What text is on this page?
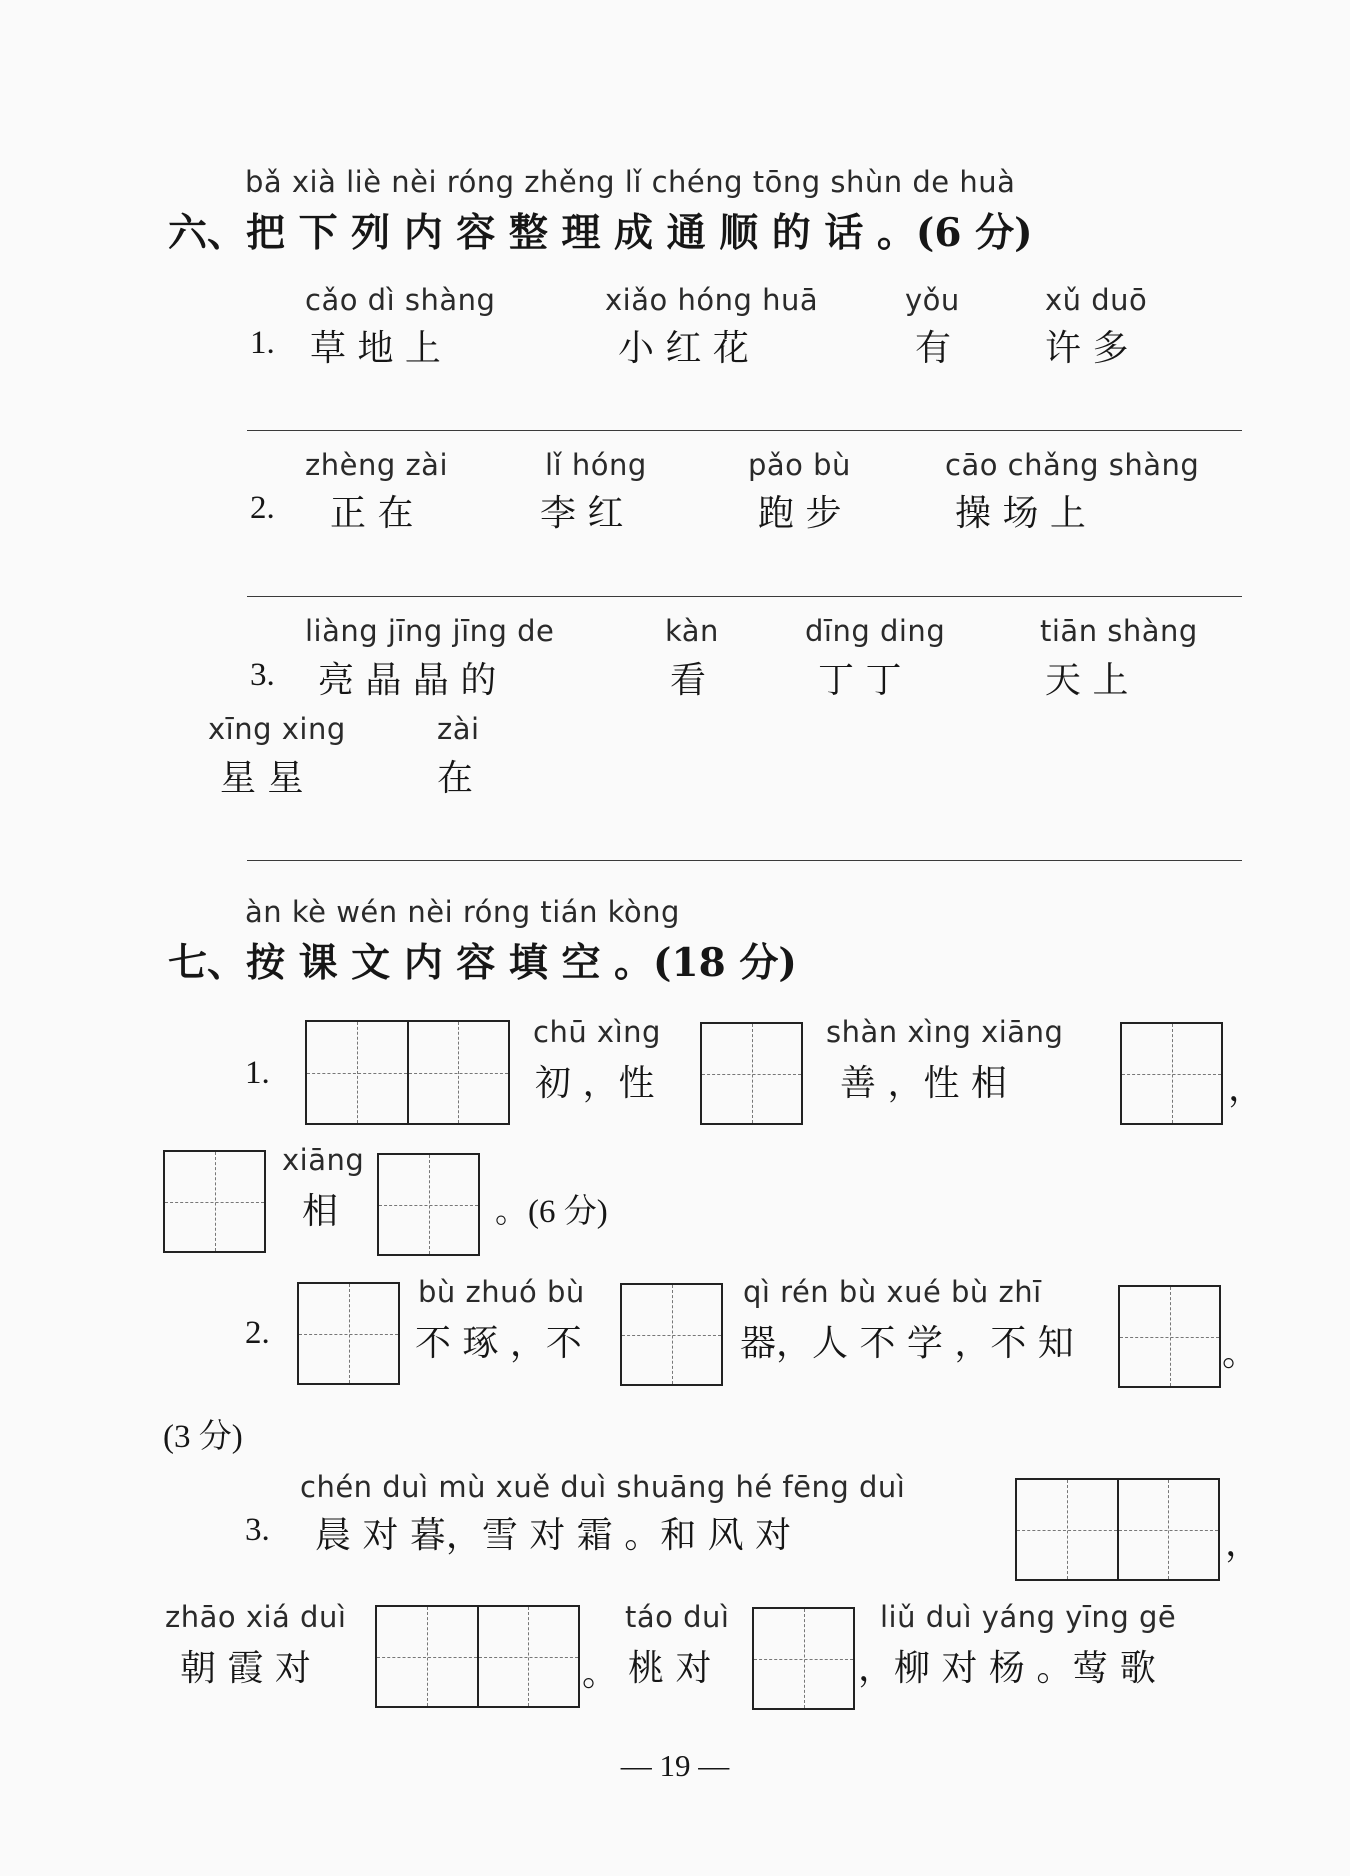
bǎ xià liè nèi róng zhěng lǐ chéng tōng shùn de huà
六、把 下 列 内 容 整 理 成 通 顺 的 话 。(6 分)
cǎo dì shàng	xiǎo hóng huā	yǒu	xǔ duō
1. 草 地 上	小 红 花	有	许 多
zhèng zài	lǐ hóng	pǎo bù	cāo chǎng shàng
2. 正 在	李 红	跑 步	操 场 上
liàng jīng jīng de	kàn	dīng ding	tiān shàng
3. 亮 晶 晶 的	看	丁 丁	天 上
xīng xing	zài
星 星	在
àn kè wén nèi róng tián kòng
七、按 课 文 内 容 填 空 。(18 分)
1.
chū xìng
初 ，性
shàn xìng xiāng
善 ，性 相	，
xiāng
相	。(6 分)
2.
bù zhuó bù
不 琢 ，不
qì rén bù xué bù zhī
器，人 不 学 ，不 知	。
(3 分)
chén duì mù xuě duì shuāng hé fēng duì
3. 晨 对 暮，雪 对 霜 。和 风 对	，
zhāo xiá duì
朝 霞 对	。
táo duì
桃 对
liǔ duì yáng yīng gē
，柳 对 杨 。莺 歌
— 19 —
